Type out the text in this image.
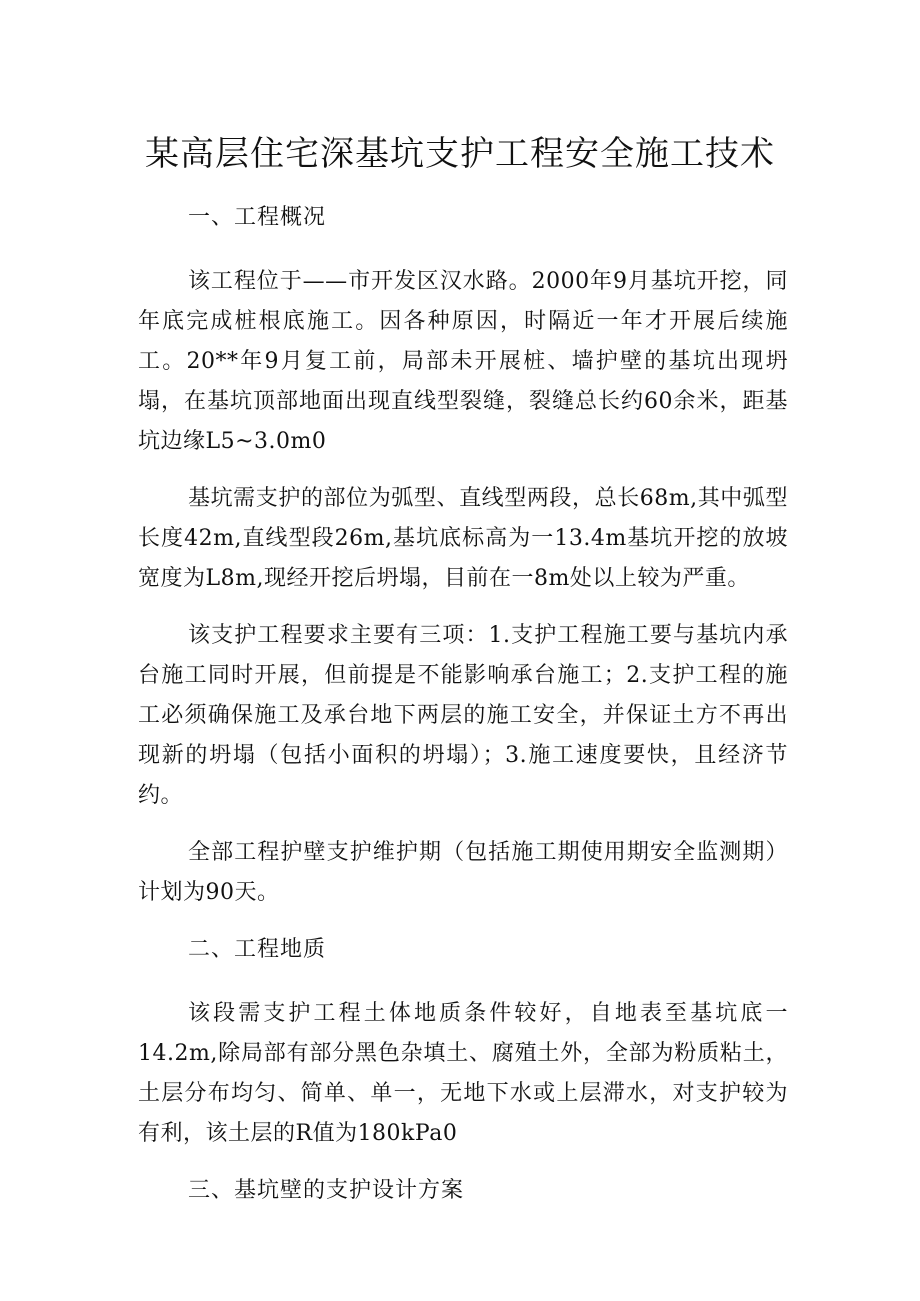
某高层住宅深基坑支护工程安全施工技术

一、工程概况

该工程位于——市开发区汉水路。2000年9月基坑开挖，同年底完成桩根底施工。因各种原因，时隔近一年才开展后续施工。20**年9月复工前，局部未开展桩、墙护壁的基坑出现坍塌，在基坑顶部地面出现直线型裂缝，裂缝总长约60余米，距基坑边缘L5~3.0m0

基坑需支护的部位为弧型、直线型两段，总长68m,其中弧型长度42m,直线型段26m,基坑底标高为一13.4m基坑开挖的放坡宽度为L8m,现经开挖后坍塌，目前在一8m处以上较为严重。

该支护工程要求主要有三项：1.支护工程施工要与基坑内承台施工同时开展，但前提是不能影响承台施工；2.支护工程的施工必须确保施工及承台地下两层的施工安全，并保证土方不再出现新的坍塌（包括小面积的坍塌）；3.施工速度要快，且经济节约。

全部工程护壁支护维护期（包括施工期使用期安全监测期）计划为90天。

二、工程地质

该段需支护工程土体地质条件较好，自地表至基坑底一14.2m,除局部有部分黑色杂填土、腐殖土外，全部为粉质粘土，土层分布均匀、简单、单一，无地下水或上层滞水，对支护较为有利，该土层的R值为180kPa0

三、基坑壁的支护设计方案
